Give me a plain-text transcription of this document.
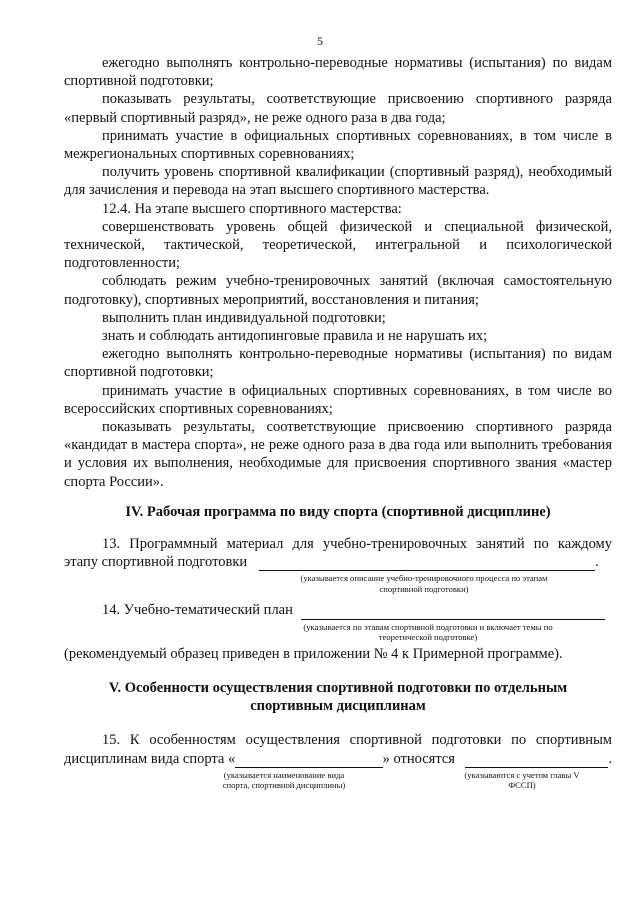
5

ежегодно выполнять контрольно-переводные нормативы (испытания) по видам спортивной подготовки;

показывать результаты, соответствующие присвоению спортивного разряда «первый спортивный разряд», не реже одного раза в два года;

принимать участие в официальных спортивных соревнованиях, в том числе в межрегиональных спортивных соревнованиях;

получить уровень спортивной квалификации (спортивный разряд), необходимый для зачисления и перевода на этап высшего спортивного мастерства.

12.4. На этапе высшего спортивного мастерства:

совершенствовать уровень общей физической и специальной физической, технической, тактической, теоретической, интегральной и психологической подготовленности;

соблюдать режим учебно-тренировочных занятий (включая самостоятельную подготовку), спортивных мероприятий, восстановления и питания;

выполнить план индивидуальной подготовки;

знать и соблюдать антидопинговые правила и не нарушать их;

ежегодно выполнять контрольно-переводные нормативы (испытания) по видам спортивной подготовки;

принимать участие в официальных спортивных соревнованиях, в том числе во всероссийских спортивных соревнованиях;

показывать результаты, соответствующие присвоению спортивного разряда «кандидат в мастера спорта», не реже одного раза в два года или выполнить требования и условия их выполнения, необходимые для присвоения спортивного звания «мастер спорта России».

IV. Рабочая программа по виду спорта (спортивной дисциплине)

13. Программный материал для учебно-тренировочных занятий по каждому

этапу спортивной подготовки	.
(указывается описание учебно-тренировочного процесса по этапам спортивной подготовки)
14. Учебно-тематический план
(указывается по этапам спортивной подготовки и включает темы по теоретической подготовке)

(рекомендуемый образец приведен в приложении № 4 к Примерной программе).

V. Особенности осуществления спортивной подготовки по отдельным спортивным дисциплинам

15. К особенностям осуществления спортивной подготовки по спортивным

дисциплинам вида спорта «	» относятся	.
(указывается наименование вида спорта, спортивной дисциплины)
(указываются с учетом главы V ФССП)
